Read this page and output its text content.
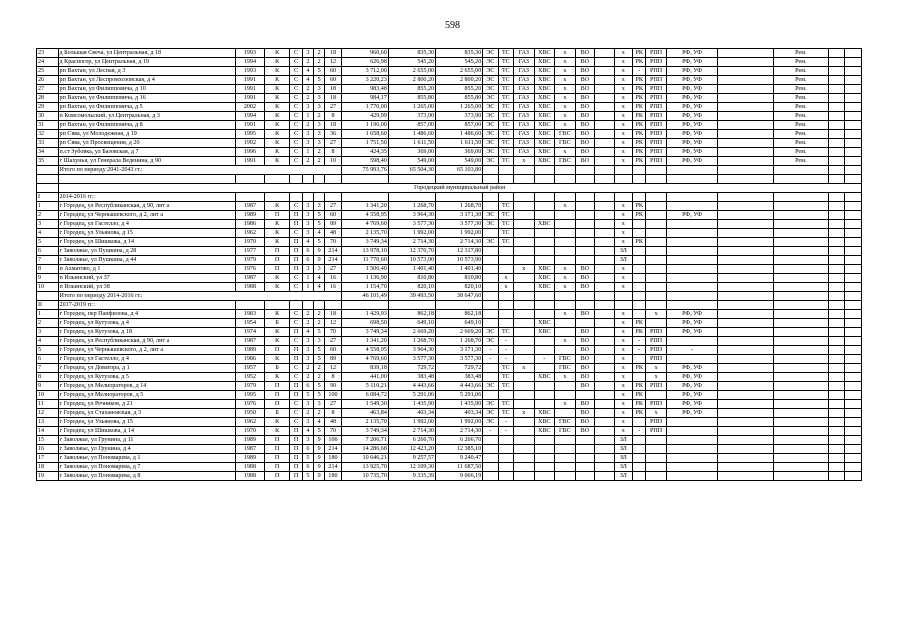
598
23	д Большая Свеча, ул Центральная, д 18	1993	К	С	3	2	18	960,60	835,30	835,30	ЭС	ТС	ГАЗ	ХВС	х	ВО		х	РК	РПП	РФ, УФ		Рем.		
24	д Красногор, ул Центральная, д 19	1994	К	С	2	2	12	626,98	545,20	545,20	ЭС	ТС	ГАЗ	ХВС	х	ВО		х	РК	РПП	РФ, УФ		Рем.		
25	рп Вахтан, ул Лесная, д 3	1993	К	С	4	5	60	3 712,00	2 655,00	2 655,00	ЭС	ТС	ГАЗ	ХВС	х	ВО		х	-	РПП	РФ, УФ		Рем.		
26	рп Вахтан, ул Леспромхозовская, д 4	1991	К	С	4	5	60	3 220,23	2 800,20	2 800,20	ЭС	ТС	ГАЗ	ХВС	х	ВО		х	РК	РПП	РФ, УФ		Рем.		
27	рп Вахтан, ул Филипповича, д 10	1991	К	С	2	3	18	983,48	855,20	855,20	ЭС	ТС	ГАЗ	ХВС	х	ВО		х	РК	РПП	РФ, УФ		Рем.		
28	рп Вахтан, ул Филипповича, д 16	1991	К	С	2	3	18	984,17	855,80	855,80	ЭС	ТС	ГАЗ	ХВС	х	ВО		х	РК	РПП	РФ, УФ		Рем.		
29	рп Вахтан, ул Филипповича, д 5	2002	К	С	3	3	27	1 770,00	1 265,00	1 265,00	ЭС	ТС	ГАЗ	ХВС	х	ВО		х	РК	РПП	РФ, УФ		Рем.		
30	п Комсомольский, ул Центральная, д 3	1994	К	С	1	2	8	429,99	373,90	373,90	ЭС	ТС	ГАЗ	ХВС	х	ВО		х	РК	РПП	РФ, УФ		Рем.		
31	рп Вахтан, ул Филипповича, д 8	1991	К	С	2	3	18	1 196,00	857,00	857,00	ЭС	ТС	ГАЗ	ХВС	х	ВО		х	РК	РПП	РФ, УФ		Рем.		
32	рп Сява, ул Молодежная, д 19	1995	К	С	3	3	36	1 658,60	1 486,60	1 486,60	ЭС	ТС	ГАЗ	ХВС	ГВС	ВО		х	РК	РПП	РФ, УФ		Рем.		
33	рп Сява, ул Просвещения, д 20	1992	К	С	3	3	27	1 751,50	1 611,50	1 611,50	ЭС	ТС	ГАЗ	ХВС	ГВС	ВО		х	РК	РПП	РФ, УФ		Рем.		
34	п.ст Зубовка, ул Базовская, д 7	1996	К	С	1	2	8	424,35	369,00	369,00	ЭС	ТС	ГАЗ	ХВС	х	ВО		х	РК	РПП	РФ, УФ		Рем.		
35	г Шахунья, ул Генерала Веденина, д 90	1991	К	С	2	2	10	598,40	549,00	549,00	ЭС	ТС	х	ХВС	ГВС	ВО		х	РК	РПП	РФ, УФ		Рем.		
	Итого по периоду 2041-2043 гг.:							75 993,76	65 504,30	65 103,80															

	Городецкий муниципальный район																								
I	2014-2016 гг.:																								
1	г Городец, ул Республиканская, д 90, лит а	1987	К	С	3	3	27	1 341,20	1 268,70	1 268,70		ТС			х			х	РК						
2	г Городец, ул Чернышевского, д 2, лит а	1989	П	П	3	5	60	4 558,95	3 964,30	3 171,30	ЭС	ТС						х	РК		РФ, УФ				
3	г Городец, ул Гастелло, д 4	1986	К	П	3	5	89	4 769,60	3 577,30	3 577,30	ЭС	ТС		ХВС				х							
4	г Городец, ул Ульянова, д 15	1962	К	С	3	4	48	2 135,70	1 992,00	1 992,00		ТС						х							
5	г Городец, ул Шишкова, д 14	1970	К	П	4	5	70	3 749,34	2 714,30	2 714,30	ЭС	ТС						х	РК						
6	г Заволжье, ул Пушкина, д 28	1977	П	П	6	9	214	13 978,10	12 370,70	12 317,80								ЗЛ							
7	г Заволжье, ул Пушкина, д 44	1979	П	П	6	9	214	11 770,60	10 573,90	10 573,90								ЗЛ							
8	п Ахматово, д 1	1976	П	П	3	3	27	1 506,40	1 401,40	1 401,40			х	ХВС	х	ВО		х							
9	п Ильинский, ул 37	1987	К	С	1	4	16	1 136,90	810,80	810,80		х		ХВС	х	ВО		х							
10	п Ильинский, ул 38	1988	К	С	1	4	16	1 154,70	820,10	820,10		х		ХВС	х	ВО		х							
	Итого по периоду 2014-2016 гг.:							46 101,49	39 493,50	38 647,60															
II	2017-2019 гг.:																								
1	г Городец, пер Панфилова, д 4	1983	К	С	2	2	18	1 429,93	862,18	862,18					х	ВО		х		х	РФ, УФ				
2	г Городец, ул Кутузова, д 4	1954	Б	С	2	2	12	698,50	649,10	649,10				ХВС				х	РК		РФ, УФ				
3	г Городец, ул Кутузова, д 18	1974	К	П	4	5	70	3 749,34	2 669,20	2 669,20	ЭС	ТС		ХВС		ВО		х	РК	РПП	РФ, УФ				
4	г Городец, ул Республиканская, д 90, лит а	1987	К	С	3	3	27	1 341,20	1 268,70	1 268,70	ЭС	-			х	ВО		х	-	РПП					
5	г Городец, ул Чернышевского, д 2, лит а	1989	П	П	3	5	60	4 558,95	3 964,30	3 171,30	-	-				ВО		х	-	РПП	-				
6	г Городец, ул Гастелло, д 4	1986	К	П	3	5	89	4 769,60	3 577,30	3 577,30	-	-		-	ГВС	ВО		х		РПП					
7	г Городец, ул Доватора, д 1	1957	Б	С	2	2	12	839,18	729,72	729,72		ТС	х		ГВС	ВО		х	РК	х	РФ, УФ				
8	г Городец, ул Кутузова, д 5	1952	К	С	2	2	8	441,00	383,48	383,48		ТС		ХВС	х	ВО		х		х	РФ, УФ				
9	г Городец, ул Мелиораторов, д 14	1979	П	П	6	5	90	5 110,21	4 443,66	4 443,66	ЭС	ТС				ВО		х	РК	РПП	РФ, УФ				
10	г Городец, ул Мелиораторов, д 5	1995	П	П	5	5	100	6 084,72	5 291,06	5 291,06								х	РК		РФ, УФ				
11	г Городец, ул Речников, д 21	1976	П	С	3	3	27	1 549,30	1 435,90	1 435,90	ЭС	ТС			х	ВО		х	РК	РПП	РФ, УФ				
12	г Городец, ул Стахановская, д 3	1950	Б	С	2	2	8	463,84	403,34	403,34	ЭС	ТС	х	ХВС		ВО		х	РК	х	РФ, УФ				
13	г Городец, ул Ульянова, д 15	1962	К	С	3	4	48	2 135,70	1 992,00	1 992,00	ЭС	-		ХВС	ГВС	ВО		х		РПП					
14	г Городец, ул Шишкова, д 14	1970	К	П	4	5	70	3 749,34	2 714,30	2 714,30	-	-		ХВС	ГВС	ВО		х	-	РПП					
15	г Заволжье, ул Грунина, д 11	1989	П	П	3	9	106	7 206,71	6 266,70	6 266,70								ЗЛ							
16	г Заволжье, ул Грунина, д 4	1987	П	П	6	9	214	14 286,68	12 423,20	12 385,10								ЗЛ							
17	г Заволжье, ул Пономарева, д 1	1989	П	П	5	9	180	10 646,21	9 257,57	9 240,47								ЗЛ							
18	г Заволжье, ул Пономарева, д 7	1988	П	П	6	9	214	13 925,70	12 109,30	11 687,50								ЗЛ							
19	г Заволжье, ул Пономарева, д 8	1988	П	П	5	9	180	10 735,70	9 335,39	9 066,19								ЗЛ							
